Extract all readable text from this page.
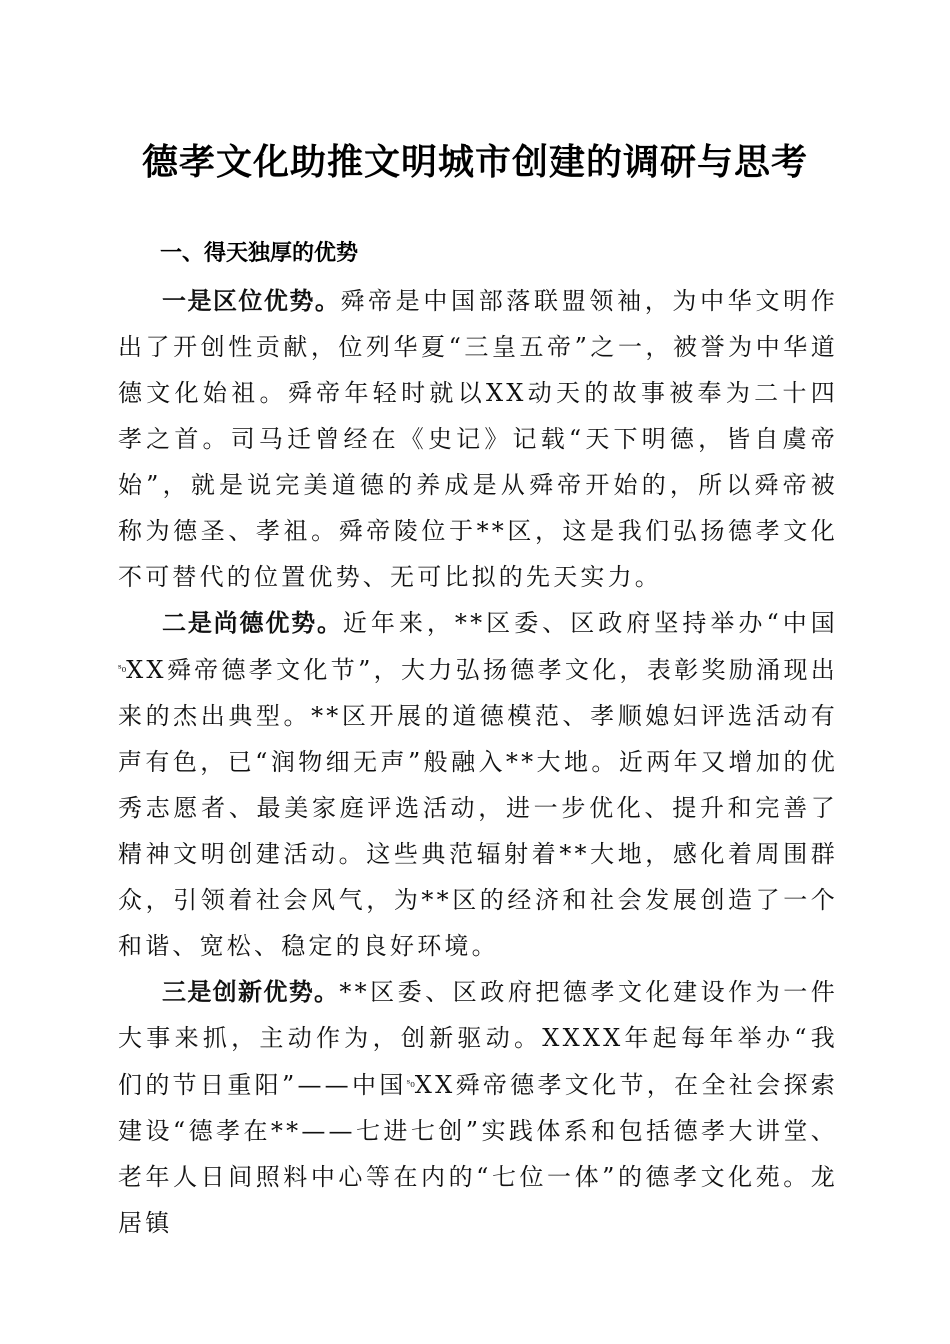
德孝文化助推文明城市创建的调研与思考
一、得天独厚的优势

一是区位优势。舜帝是中国部落联盟领袖，为中华文明作出了开创性贡献，位列华夏“三皇五帝”之一，被誉为中华道德文化始祖。舜帝年轻时就以XX动天的故事被奉为二十四孝之首。司马迁曾经在《史记》记载“天下明德，皆自虞帝始”，就是说完美道德的养成是从舜帝开始的，所以舜帝被称为德圣、孝祖。舜帝陵位于**区，这是我们弘扬德孝文化不可替代的位置优势、无可比拟的先天实力。

二是尚德优势。近年来，**区委、区政府坚持举办“中国$^{ˢ_0}$XX舜帝德孝文化节”，大力弘扬德孝文化，表彰奖励涌现出来的杰出典型。**区开展的道德模范、孝顺媳妇评选活动有声有色，已“润物细无声”般融入**大地。近两年又增加的优秀志愿者、最美家庭评选活动，进一步优化、提升和完善了精神文明创建活动。这些典范辐射着**大地，感化着周围群众，引领着社会风气，为**区的经济和社会发展创造了一个和谐、宽松、稳定的良好环境。

三是创新优势。**区委、区政府把德孝文化建设作为一件大事来抓，主动作为，创新驱动。XXXX年起每年举办“我们的节日重阳”——中国$^{ˢ_0}$XX舜帝德孝文化节，在全社会探索建设“德孝在**——七进七创”实践体系和包括德孝大讲堂、老年人日间照料中心等在内的“七位一体”的德孝文化苑。龙居镇
